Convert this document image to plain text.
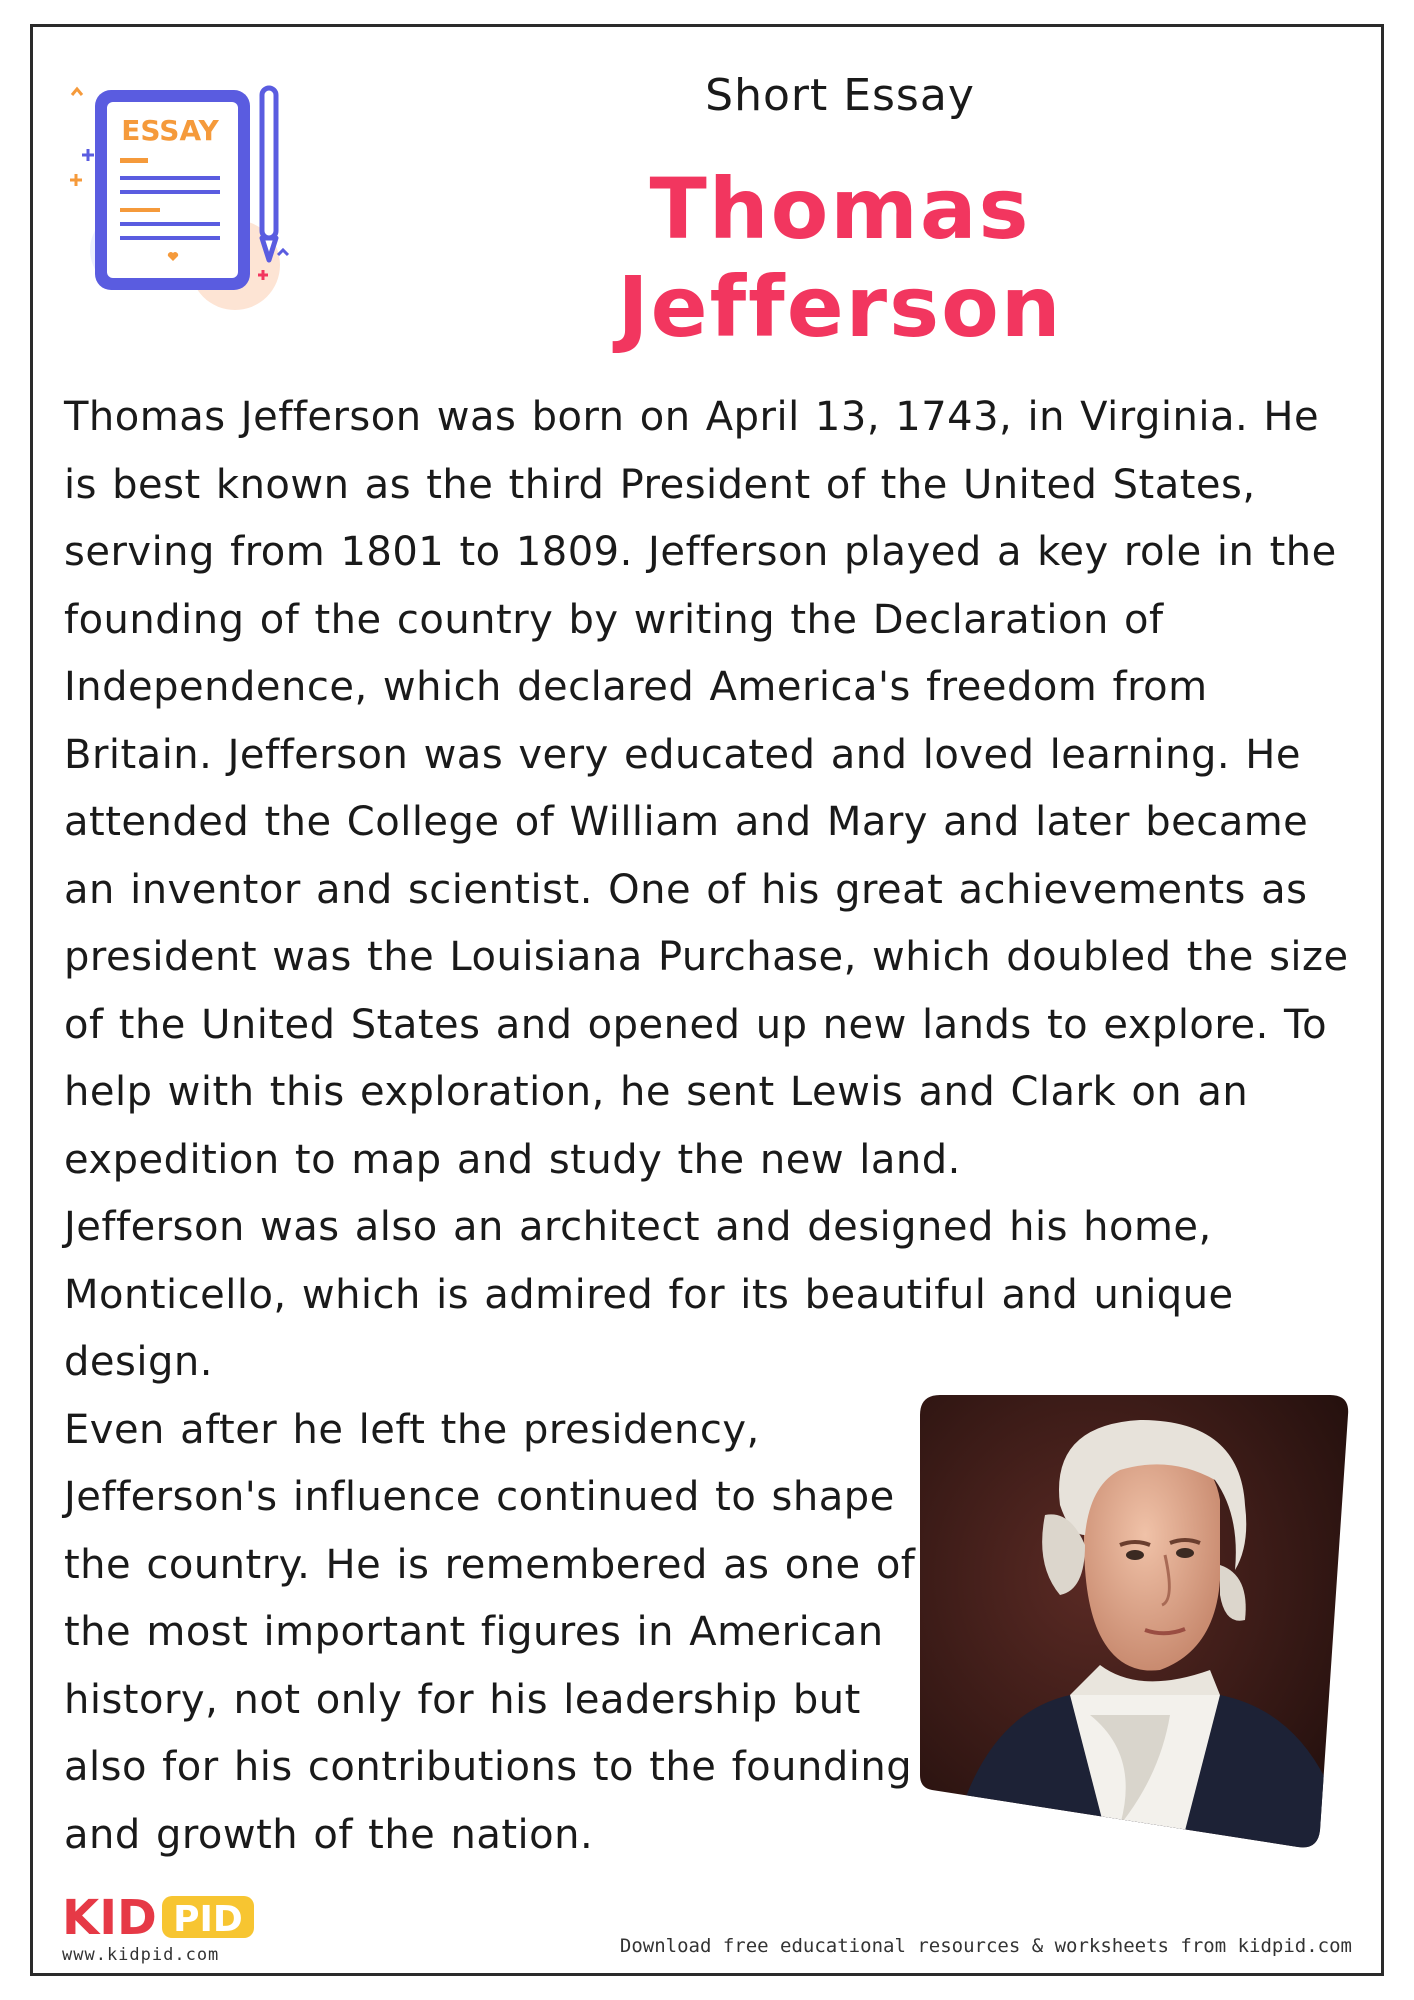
ESSAY
Short Essay
Thomas Jefferson

Thomas Jefferson was born on April 13, 1743, in Virginia. He is best known as the third President of the United States, serving from 1801 to 1809. Jefferson played a key role in the founding of the country by writing the Declaration of Independence, which declared America's freedom from Britain. Jefferson was very educated and loved learning. He attended the College of William and Mary and later became an inventor and scientist. One of his great achievements as president was the Louisiana Purchase, which doubled the size of the United States and opened up new lands to explore. To help with this exploration, he sent Lewis and Clark on an expedition to map and study the new land.

Jefferson was also an architect and designed his home, Monticello, which is admired for its beautiful and unique design.

Even after he left the presidency, Jefferson's influence continued to shape the country. He is remembered as one of the most important figures in American history, not only for his leadership but also for his contributions to the founding and growth of the nation.

KID PID
www.kidpid.com	Download free educational resources & worksheets from kidpid.com
